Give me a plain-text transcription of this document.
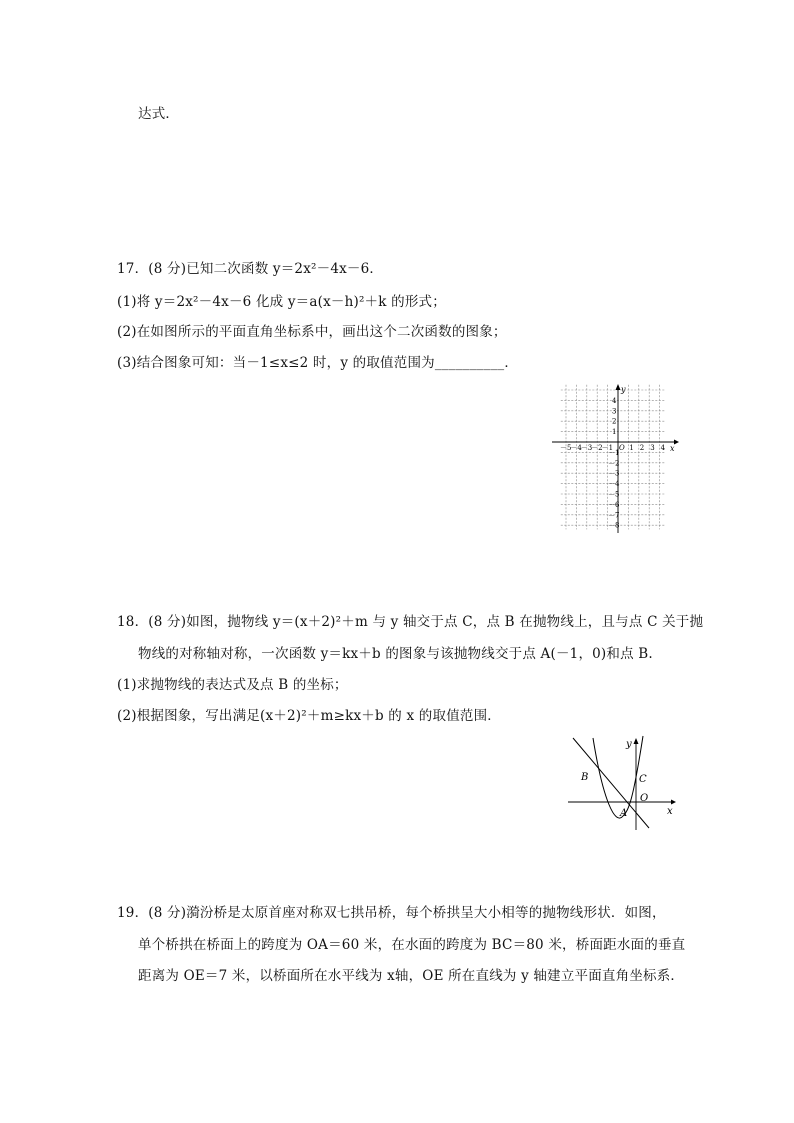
达式．
17．(8 分)已知二次函数 y＝2x²－4x－6．
(1)将 y＝2x²－4x－6 化成 y＝a(x－h)²＋k 的形式；
(2)在如图所示的平面直角坐标系中，画出这个二次函数的图象；
(3)结合图象可知：当－1≤x≤2 时，y 的取值范围为__________．
x
y
－5
－4
－3
－2
－1 O 1 2 3 4
4
3
2
1
－1
－2
－3
－4
－5
－6
－7
－8
18．(8 分)如图，抛物线 y＝(x＋2)²＋m 与 y 轴交于点 C，点 B 在抛物线上，且与点 C 关于抛
物线的对称轴对称，一次函数 y＝kx＋b 的图象与该抛物线交于点 A(－1，0)和点 B.
(1)求抛物线的表达式及点 B 的坐标；
(2)根据图象，写出满足(x＋2)²＋m≥kx＋b 的 x 的取值范围．
x
y
B	C
O
A
19．(8 分)漪汾桥是太原首座对称双七拱吊桥，每个桥拱呈大小相等的抛物线形状．如图，
单个桥拱在桥面上的跨度为 OA＝60 米，在水面的跨度为 BC＝80 米，桥面距水面的垂直
距离为 OE＝7 米，以桥面所在水平线为 x轴，OE 所在直线为 y 轴建立平面直角坐标系．
